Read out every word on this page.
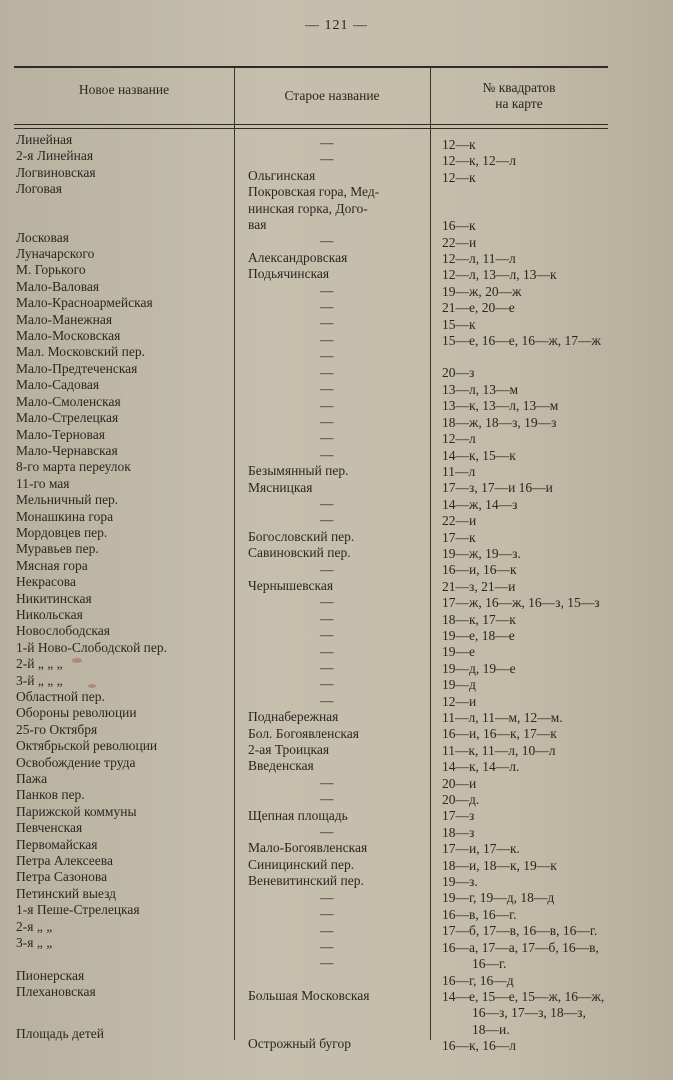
— 121 —
Новое название	Старое название
№ квадратов
на карте
Линейная
2-я Линейная
Логвиновская
Логовая
Лосковая
Луначарского
М. Горького
Мало-Валовая
Мало-Красноармейская
Мало-Манежная
Мало-Московская
Мал. Московский пер.
Мало-Предтеченская
Мало-Садовая
Мало-Смоленская
Мало-Стрелецкая
Мало-Терновая
Мало-Чернавская
8-го марта переулок
11-го мая
Мельничный пер.
Монашкина гора
Мордовцев пер.
Муравьев пер.
Мясная гора
Некрасова
Никитинская
Никольская
Новослободская
1-й Ново-Слободской пер.
2-й „ „ „
3-й „ „ „
Областной пер.
Обороны революции
25-го Октября
Октябрьской революции
Освобождение труда
Пажа
Панков пер.
Парижской коммуны
Певченская
Первомайская
Петра Алексеева
Петра Сазонова
Петинский выезд
1-я Пеше-Стрелецкая
2-я „ „
3-я „ „
Пионерская
Плехановская
Площадь детей
—
—
Ольгинская
Покровская гора, Мед-
нинская горка, Дого-
вая
—
Александровская
Подьячинская
—
—
—
—
—
—
—
—
—
—
—
Безымянный пер.
Мясницкая
—
—
Богословский пер.
Савиновский пер.
—
Чернышевская
—
—
—
—
—
—
—
Поднабережная
Бол. Богоявленская
2-ая Троицкая
Введенская
—
—
Щепная площадь
—
Мало-Богоявленская
Синицинский пер.
Веневитинский пер.
—
—
—
—
—
Большая Московская
Острожный бугор
12—к
12—к, 12—л
12—к
16—к
22—и
12—л, 11—л
12—л, 13—л, 13—к
19—ж, 20—ж
21—е, 20—е
15—к
15—е, 16—е, 16—ж, 17—ж
20—з
13—л, 13—м
13—к, 13—л, 13—м
18—ж, 18—з, 19—з
12—л
14—к, 15—к
11—л
17—з, 17—и 16—и
14—ж, 14—з
22—и
17—к
19—ж, 19—з.
16—и, 16—к
21—з, 21—и
17—ж, 16—ж, 16—з, 15—з
18—к, 17—к
19—е, 18—е
19—е
19—д, 19—е
19—д
12—и
11—л, 11—м, 12—м.
16—и, 16—к, 17—к
11—к, 11—л, 10—л
14—к, 14—л.
20—и
20—д.
17—з
18—з
17—и, 17—к.
18—и, 18—к, 19—к
19—з.
19—г, 19—д, 18—д
16—в, 16—г.
17—б, 17—в, 16—в, 16—г.
16—а, 17—а, 17—б, 16—в,
16—г.
16—г, 16—д
14—е, 15—е, 15—ж, 16—ж,
16—з, 17—з, 18—з,
18—и.
16—к, 16—л
